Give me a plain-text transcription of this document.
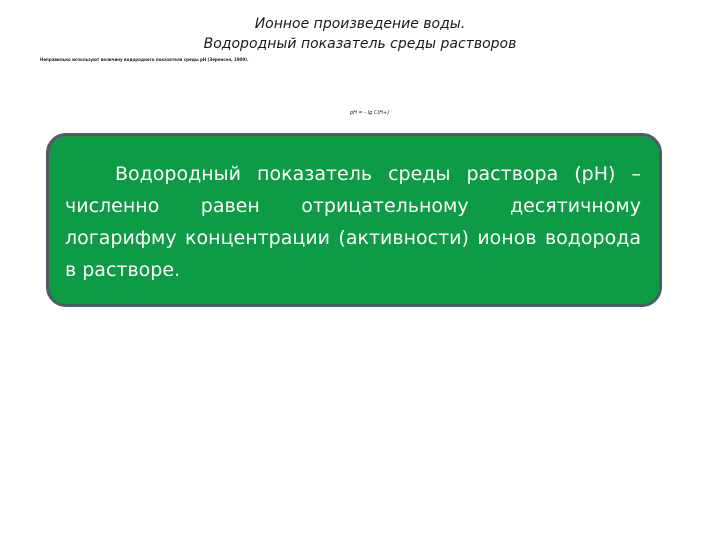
Ионное произведение воды.
Водородный показатель среды растворов
Неправильно используют величину водородного показателя среды pH (Зеренсен, 1909).
pH = - lg C(H+)
Водородный показатель среды раствора (pH) – численно равен отрицательному десятичному логарифму концентрации (активности) ионов водорода в растворе.
